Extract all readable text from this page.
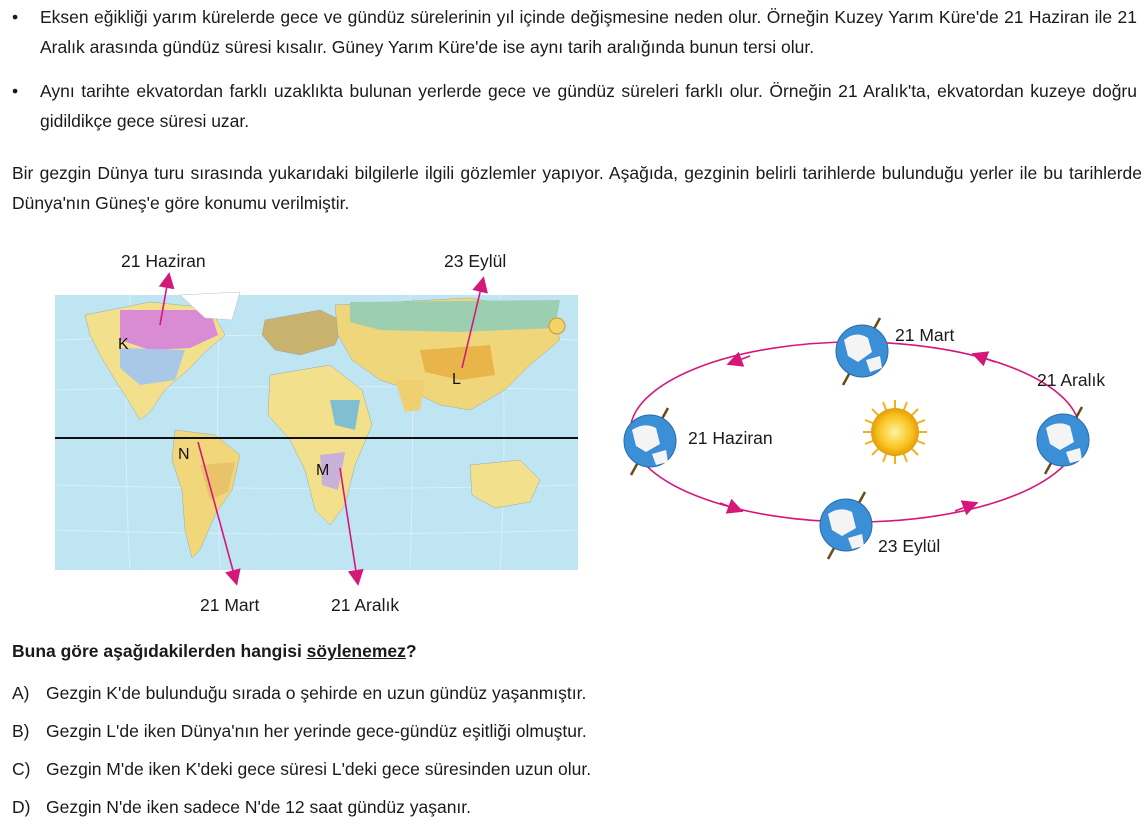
• Eksen eğikliği yarım kürelerde gece ve gündüz sürelerinin yıl içinde değişmesine neden olur. Örneğin Kuzey Yarım Küre'de 21 Haziran ile 21 Aralık arasında gündüz süresi kısalır. Güney Yarım Küre'de ise aynı tarih aralığında bunun tersi olur.
• Aynı tarihte ekvatordan farklı uzaklıkta bulunan yerlerde gece ve gündüz süreleri farklı olur. Örneğin 21 Aralık'ta, ekvatordan kuzeye doğru gidildikçe gece süresi uzar.
Bir gezgin Dünya turu sırasında yukarıdaki bilgilerle ilgili gözlemler yapıyor. Aşağıda, gezginin belirli tarihlerde bulunduğu yerler ile bu tarihlerde Dünya'nın Güneş'e göre konumu verilmiştir.
K
L
N
M
21 Haziran	23 Eylül
21 Mart	21 Aralık
21 Mart
21 Aralık
21 Haziran
23 Eylül
Buna göre aşağıdakilerden hangisi söylenemez?
A) Gezgin K'de bulunduğu sırada o şehirde en uzun gündüz yaşanmıştır.
B) Gezgin L'de iken Dünya'nın her yerinde gece-gündüz eşitliği olmuştur.
C) Gezgin M'de iken K'deki gece süresi L'deki gece süresinden uzun olur.
D) Gezgin N'de iken sadece N'de 12 saat gündüz yaşanır.
